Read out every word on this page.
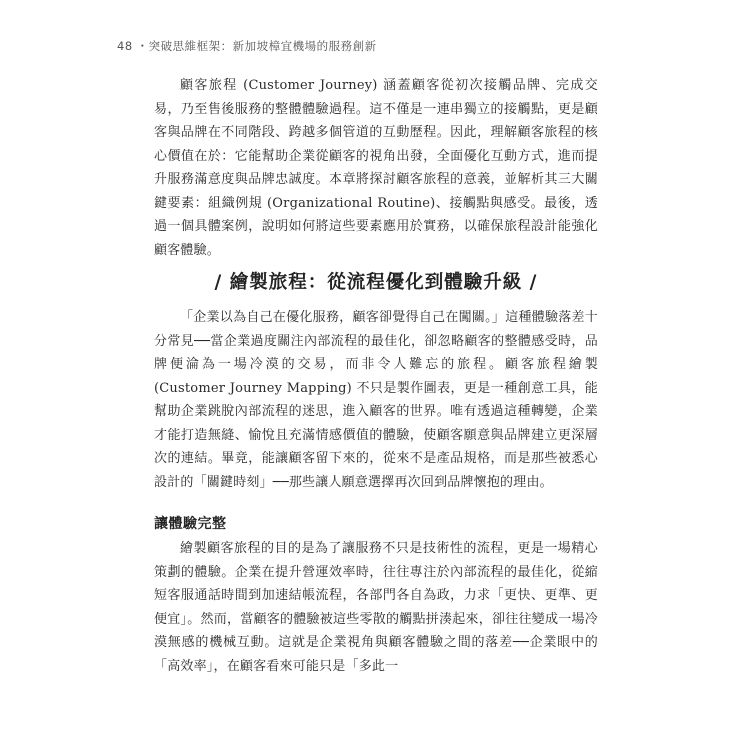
48 ・突破思維框架：新加坡樟宜機場的服務創新

顧客旅程 (Customer Journey) 涵蓋顧客從初次接觸品牌、完成交易，乃至售後服務的整體體驗過程。這不僅是一連串獨立的接觸點，更是顧客與品牌在不同階段、跨越多個管道的互動歷程。因此，理解顧客旅程的核心價值在於：它能幫助企業從顧客的視角出發，全面優化互動方式，進而提升服務滿意度與品牌忠誠度。本章將探討顧客旅程的意義，並解析其三大關鍵要素：組織例規 (Organizational Routine)、接觸點與感受。最後，透過一個具體案例，說明如何將這些要素應用於實務，以確保旅程設計能強化顧客體驗。

/ 繪製旅程：從流程優化到體驗升級 /

「企業以為自己在優化服務，顧客卻覺得自己在闖關。」這種體驗落差十分常見──當企業過度關注內部流程的最佳化，卻忽略顧客的整體感受時，品牌便淪為一場冷漠的交易，而非令人難忘的旅程。顧客旅程繪製 (Customer Journey Mapping) 不只是製作圖表，更是一種創意工具，能幫助企業跳脫內部流程的迷思，進入顧客的世界。唯有透過這種轉變，企業才能打造無縫、愉悅且充滿情感價值的體驗，使顧客願意與品牌建立更深層次的連結。畢竟，能讓顧客留下來的，從來不是產品規格，而是那些被悉心設計的「關鍵時刻」──那些讓人願意選擇再次回到品牌懷抱的理由。

讓體驗完整

繪製顧客旅程的目的是為了讓服務不只是技術性的流程，更是一場精心策劃的體驗。企業在提升營運效率時，往往專注於內部流程的最佳化，從縮短客服通話時間到加速結帳流程，各部門各自為政，力求「更快、更準、更便宜」。然而，當顧客的體驗被這些零散的觸點拼湊起來，卻往往變成一場冷漠無感的機械互動。這就是企業視角與顧客體驗之間的落差──企業眼中的「高效率」，在顧客看來可能只是「多此一
